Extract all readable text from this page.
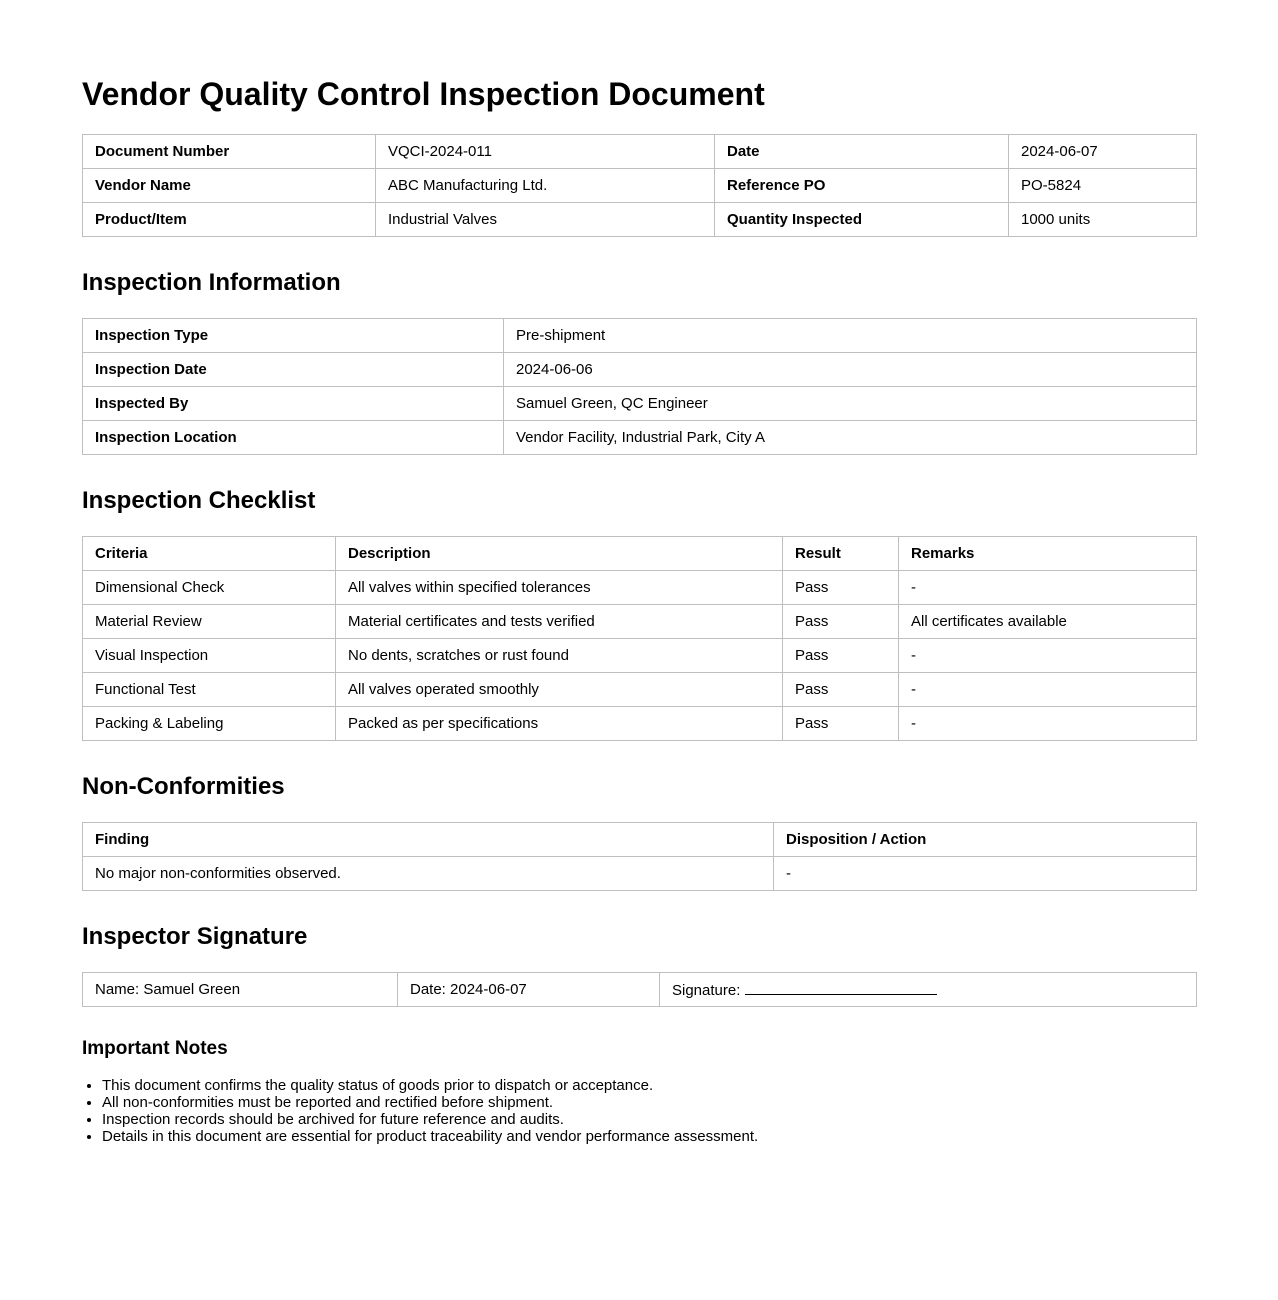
Vendor Quality Control Inspection Document
Document Number	VQCI-2024-011	Date	2024-06-07
Vendor Name	ABC Manufacturing Ltd.	Reference PO	PO-5824
Product/Item	Industrial Valves	Quantity Inspected	1000 units
Inspection Information
Inspection Type	Pre-shipment
Inspection Date	2024-06-06
Inspected By	Samuel Green, QC Engineer
Inspection Location	Vendor Facility, Industrial Park, City A
Inspection Checklist
Criteria	Description	Result	Remarks
Dimensional Check	All valves within specified tolerances	Pass	-
Material Review	Material certificates and tests verified	Pass	All certificates available
Visual Inspection	No dents, scratches or rust found	Pass	-
Functional Test	All valves operated smoothly	Pass	-
Packing & Labeling	Packed as per specifications	Pass	-
Non-Conformities
Finding	Disposition / Action
No major non-conformities observed.	-
Inspector Signature
Name: Samuel Green	Date: 2024-06-07	Signature:
Important Notes
• This document confirms the quality status of goods prior to dispatch or acceptance.
• All non-conformities must be reported and rectified before shipment.
• Inspection records should be archived for future reference and audits.
• Details in this document are essential for product traceability and vendor performance assessment.
